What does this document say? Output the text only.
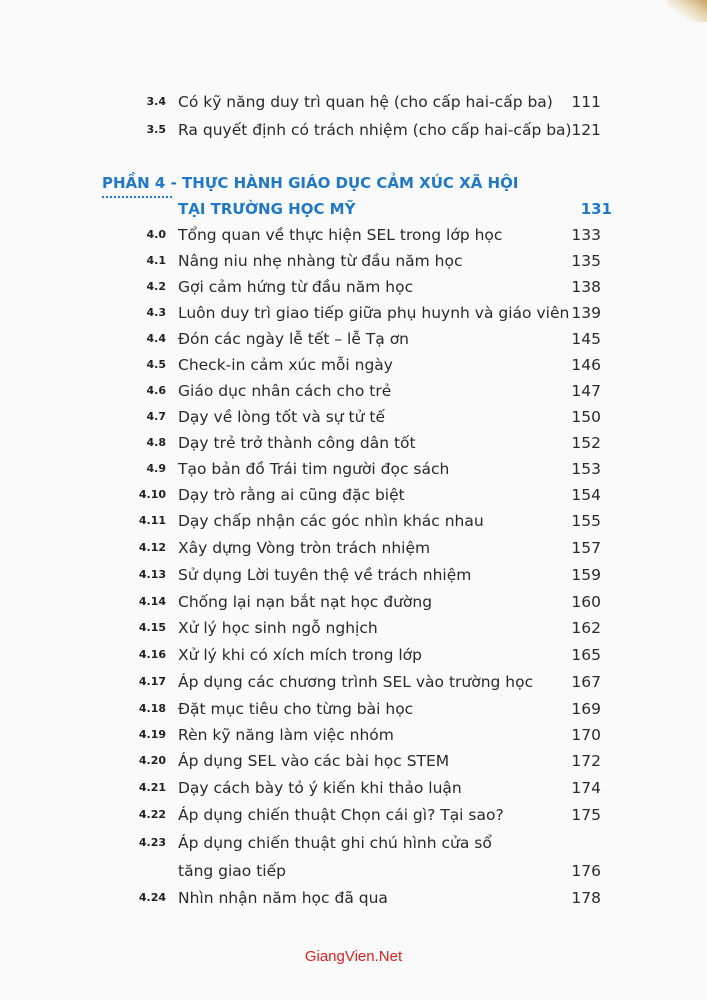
3.4 Có kỹ năng duy trì quan hệ (cho cấp hai-cấp ba) 111
3.5 Ra quyết định có trách nhiệm (cho cấp hai-cấp ba) 121
PHẦN 4 - THỰC HÀNH GIÁO DỤC CẢM XÚC XÃ HỘI
TẠI TRƯỜNG HỌC MỸ	131
4.0 Tổng quan về thực hiện SEL trong lớp học	133
4.1 Nâng niu nhẹ nhàng từ đầu năm học	135
4.2 Gợi cảm hứng từ đầu năm học	138
4.3 Luôn duy trì giao tiếp giữa phụ huynh và giáo viên 139
4.4 Đón các ngày lễ tết – lễ Tạ ơn	145
4.5 Check-in cảm xúc mỗi ngày	146
4.6 Giáo dục nhân cách cho trẻ	147
4.7 Dạy về lòng tốt và sự tử tế	150
4.8 Dạy trẻ trở thành công dân tốt	152
4.9 Tạo bản đồ Trái tim người đọc sách	153
4.10 Dạy trò rằng ai cũng đặc biệt	154
4.11 Dạy chấp nhận các góc nhìn khác nhau	155
4.12 Xây dựng Vòng tròn trách nhiệm	157
4.13 Sử dụng Lời tuyên thệ về trách nhiệm	159
4.14 Chống lại nạn bắt nạt học đường	160
4.15 Xử lý học sinh ngỗ nghịch	162
4.16 Xử lý khi có xích mích trong lớp	165
4.17 Áp dụng các chương trình SEL vào trường học 167
4.18 Đặt mục tiêu cho từng bài học	169
4.19 Rèn kỹ năng làm việc nhóm	170
4.20 Áp dụng SEL vào các bài học STEM	172
4.21 Dạy cách bày tỏ ý kiến khi thảo luận	174
4.22 Áp dụng chiến thuật Chọn cái gì? Tại sao?	175
4.23 Áp dụng chiến thuật ghi chú hình cửa sổ
tăng giao tiếp	176
4.24 Nhìn nhận năm học đã qua	178
GiangVien.Net
